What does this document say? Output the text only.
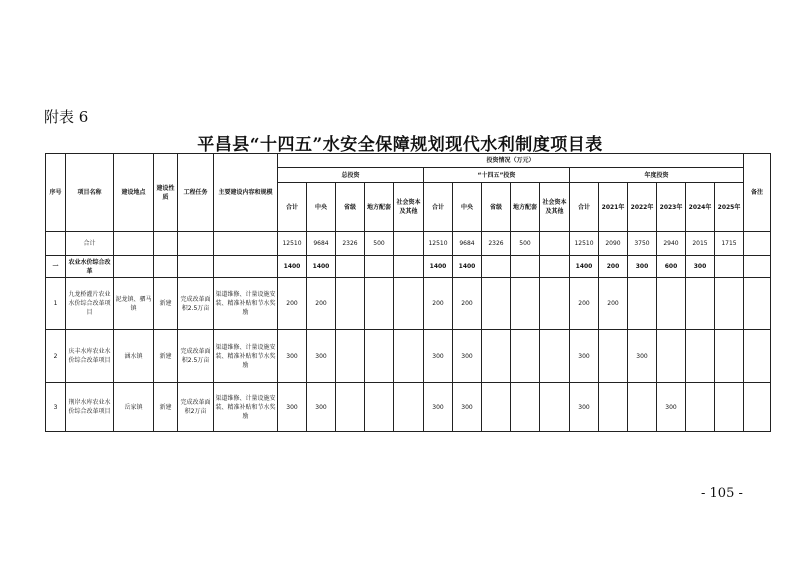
附表 6
平昌县“十四五”水安全保障规划现代水利制度项目表
序号	项目名称	建设地点	建设性质	工程任务	主要建设内容和规模	投资情况（万元）																备注
						总投资					“十四五”投资					年度投资						
						合计	中央	省级	地方配套	社会资本及其他	合计	中央	省级	地方配套	社会资本及其他	合计	2021年	2022年	2023年	2024年	2025年	
	合计					12510	9684	2326	500		12510	9684	2326	500		12510	2090	3750	2940	2015	1715	
一	农业水价综合改革					1400	1400				1400	1400				1400	200	300	600	300		
1	九龙桥灌片农业水价综合改革项目	泥龙镇、驷马镇	新建	完成改革面积2.5万亩	渠道维修、计量设施安装、精准补贴和节水奖励	200	200				200	200				200	200					
2	庆丰水库农业水价综合改革项目	涵水镇	新建	完成改革面积2.5万亩	渠道维修、计量设施安装、精准补贴和节水奖励	300	300				300	300				300		300				
3	荆岸水库农业水价综合改革项目	岳家镇	新建	完成改革面积2万亩	渠道维修、计量设施安装、精准补贴和节水奖励	300	300				300	300				300			300			
- 105 -
